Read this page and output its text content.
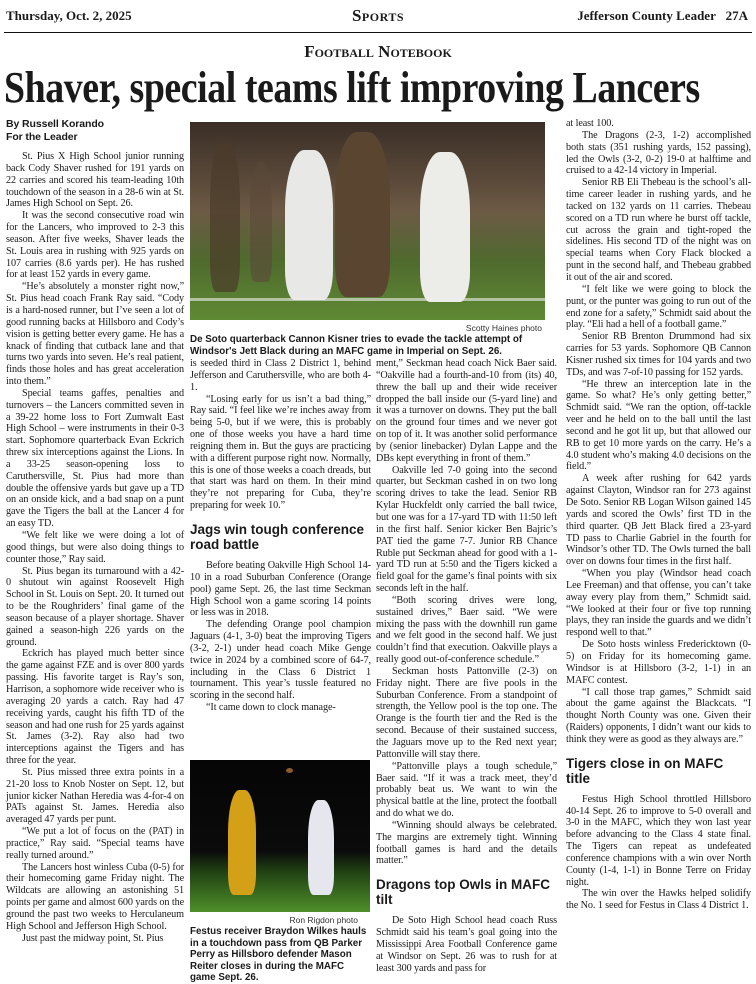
Thursday, Oct. 2, 2025	Sports	Jefferson County Leader 27A
Football Notebook
Shaver, special teams lift improving Lancers
By Russell Korando
For the Leader

St. Pius X High School junior running back Cody Shaver rushed for 191 yards on 22 carries and scored his team-leading 10th touchdown of the season in a 28-6 win at St. James High School on Sept. 26.

It was the second consecutive road win for the Lancers, who improved to 2-3 this season. After five weeks, Shaver leads the St. Louis area in rushing with 925 yards on 107 carries (8.6 yards per). He has rushed for at least 152 yards in every game.

“He’s absolutely a monster right now,” St. Pius head coach Frank Ray said. “Cody is a hard-nosed runner, but I’ve seen a lot of good running backs at Hillsboro and Cody’s vision is getting better every game. He has a knack of finding that cutback lane and that turns two yards into seven. He’s real patient, finds those holes and has great acceleration into them.”

Special teams gaffes, penalties and turnovers – the Lancers committed seven in a 39-22 home loss to Fort Zumwalt East High School – were instruments in their 0-3 start. Sophomore quarterback Evan Eckrich threw six interceptions against the Lions. In a 33-25 season-opening loss to Caruthersville, St. Pius had more than double the offensive yards but gave up a TD on an onside kick, and a bad snap on a punt gave the Tigers the ball at the Lancer 4 for an easy TD.

“We felt like we were doing a lot of good things, but were also doing things to counter those,” Ray said.

St. Pius began its turnaround with a 42-0 shutout win against Roosevelt High School in St. Louis on Sept. 20. It turned out to be the Roughriders’ final game of the season because of a player shortage. Shaver gained a season-high 226 yards on the ground.

Eckrich has played much better since the game against FZE and is over 800 yards passing. His favorite target is Ray’s son, Harrison, a sophomore wide receiver who is averaging 20 yards a catch. Ray had 47 receiving yards, caught his fifth TD of the season and had one rush for 25 yards against St. James (3-2). Ray also had two interceptions against the Tigers and has three for the year.

St. Pius missed three extra points in a 21-20 loss to Knob Noster on Sept. 12, but junior kicker Nathan Heredia was 4-for-4 on PATs against St. James. Heredia also averaged 47 yards per punt.

“We put a lot of focus on the (PAT) in practice,” Ray said. “Special teams have really turned around.”

The Lancers host winless Cuba (0-5) for their homecoming game Friday night. The Wildcats are allowing an astonishing 51 points per game and almost 600 yards on the ground the past two weeks to Herculaneum High School and Jefferson High School.

Just past the midway point, St. Pius

Scotty Haines photo
De Soto quarterback Cannon Kisner tries to evade the tackle attempt of Windsor's Jett Black during an MAFC game in Imperial on Sept. 26.

is seeded third in Class 2 District 1, behind Jefferson and Caruthersville, who are both 4-1.

“Losing early for us isn’t a bad thing,” Ray said. “I feel like we’re inches away from being 5-0, but if we were, this is probably one of those weeks you have a hard time reigning them in. But the guys are practicing with a different purpose right now. Normally, this is one of those weeks a coach dreads, but that start was hard on them. In their mind they’re not preparing for Cuba, they’re preparing for week 10.”

Jags win tough conference road battle

Before beating Oakville High School 14-10 in a road Suburban Conference (Orange pool) game Sept. 26, the last time Seckman High School won a game scoring 14 points or less was in 2018.

The defending Orange pool champion Jaguars (4-1, 3-0) beat the improving Tigers (3-2, 2-1) under head coach Mike Genge twice in 2024 by a combined score of 64-7, including in the Class 6 District 1 tournament. This year’s tussle featured no scoring in the second half.

“It came down to clock manage-

Ron Rigdon photo
Festus receiver Braydon Wilkes hauls in a touchdown pass from QB Parker Perry as Hillsboro defender Mason Reiter closes in during the MAFC game Sept. 26.

ment,” Seckman head coach Nick Baer said. “Oakville had a fourth-and-10 from (its) 40, threw the ball up and their wide receiver dropped the ball inside our (5-yard line) and it was a turnover on downs. They put the ball on the ground four times and we never got on top of it. It was another solid performance by (senior linebacker) Dylan Lappe and the DBs kept everything in front of them.”

Oakville led 7-0 going into the second quarter, but Seckman cashed in on two long scoring drives to take the lead. Senior RB Kylar Huckfeldt only carried the ball twice, but one was for a 17-yard TD with 11:50 left in the first half. Senior kicker Ben Bajric’s PAT tied the game 7-7. Junior RB Chance Ruble put Seckman ahead for good with a 1-yard TD run at 5:50 and the Tigers kicked a field goal for the game’s final points with six seconds left in the half.

“Both scoring drives were long, sustained drives,” Baer said. “We were mixing the pass with the downhill run game and we felt good in the second half. We just couldn’t find that execution. Oakville plays a really good out-of-conference schedule.”

Seckman hosts Pattonville (2-3) on Friday night. There are five pools in the Suburban Conference. From a standpoint of strength, the Yellow pool is the top one. The Orange is the fourth tier and the Red is the second. Because of their sustained success, the Jaguars move up to the Red next year; Pattonville will stay there.

“Pattonville plays a tough schedule,” Baer said. “If it was a track meet, they’d probably beat us. We want to win the physical battle at the line, protect the football and do what we do.

“Winning should always be celebrated. The margins are extremely tight. Winning football games is hard and the details matter.”

Dragons top Owls in MAFC tilt

De Soto High School head coach Russ Schmidt said his team’s goal going into the Mississippi Area Football Conference game at Windsor on Sept. 26 was to rush for at least 300 yards and pass for

at least 100.

The Dragons (2-3, 1-2) accomplished both stats (351 rushing yards, 152 passing), led the Owls (3-2, 0-2) 19-0 at halftime and cruised to a 42-14 victory in Imperial.

Senior RB Eli Thebeau is the school’s all-time career leader in rushing yards, and he tacked on 132 yards on 11 carries. Thebeau scored on a TD run where he burst off tackle, cut across the grain and tight-roped the sidelines. His second TD of the night was on special teams when Cory Flack blocked a punt in the second half, and Thebeau grabbed it out of the air and scored.

“I felt like we were going to block the punt, or the punter was going to run out of the end zone for a safety,” Schmidt said about the play. “Eli had a hell of a football game.”

Senior RB Brenton Drummond had six carries for 53 yards. Sophomore QB Cannon Kisner rushed six times for 104 yards and two TDs, and was 7-of-10 passing for 152 yards.

“He threw an interception late in the game. So what? He’s only getting better,” Schmidt said. “We ran the option, off-tackle veer and he held on to the ball until the last second and he got lit up, but that allowed our RB to get 10 more yards on the carry. He’s a 4.0 student who’s making 4.0 decisions on the field.”

A week after rushing for 642 yards against Clayton, Windsor ran for 273 against De Soto. Senior RB Logan Wilson gained 145 yards and scored the Owls’ first TD in the third quarter. QB Jett Black fired a 23-yard TD pass to Charlie Gabriel in the fourth for Windsor’s other TD. The Owls turned the ball over on downs four times in the first half.

“When you play (Windsor head coach Lee Freeman) and that offense, you can’t take away every play from them,” Schmidt said. “We looked at their four or five top running plays, they ran inside the guards and we didn’t respond well to that.”

De Soto hosts winless Fredericktown (0-5) on Friday for its homecoming game. Windsor is at Hillsboro (3-2, 1-1) in an MAFC contest.

“I call those trap games,” Schmidt said about the game against the Blackcats. “I thought North County was one. Given their (Raiders) opponents, I didn’t want our kids to think they were as good as they always are.”

Tigers close in on MAFC title

Festus High School throttled Hillsboro 40-14 Sept. 26 to improve to 5-0 overall and 3-0 in the MAFC, which they won last year before advancing to the Class 4 state final. The Tigers can repeat as undefeated conference champions with a win over North County (1-4, 1-1) in Bonne Terre on Friday night.

The win over the Hawks helped solidify the No. 1 seed for Festus in Class 4 District 1.
